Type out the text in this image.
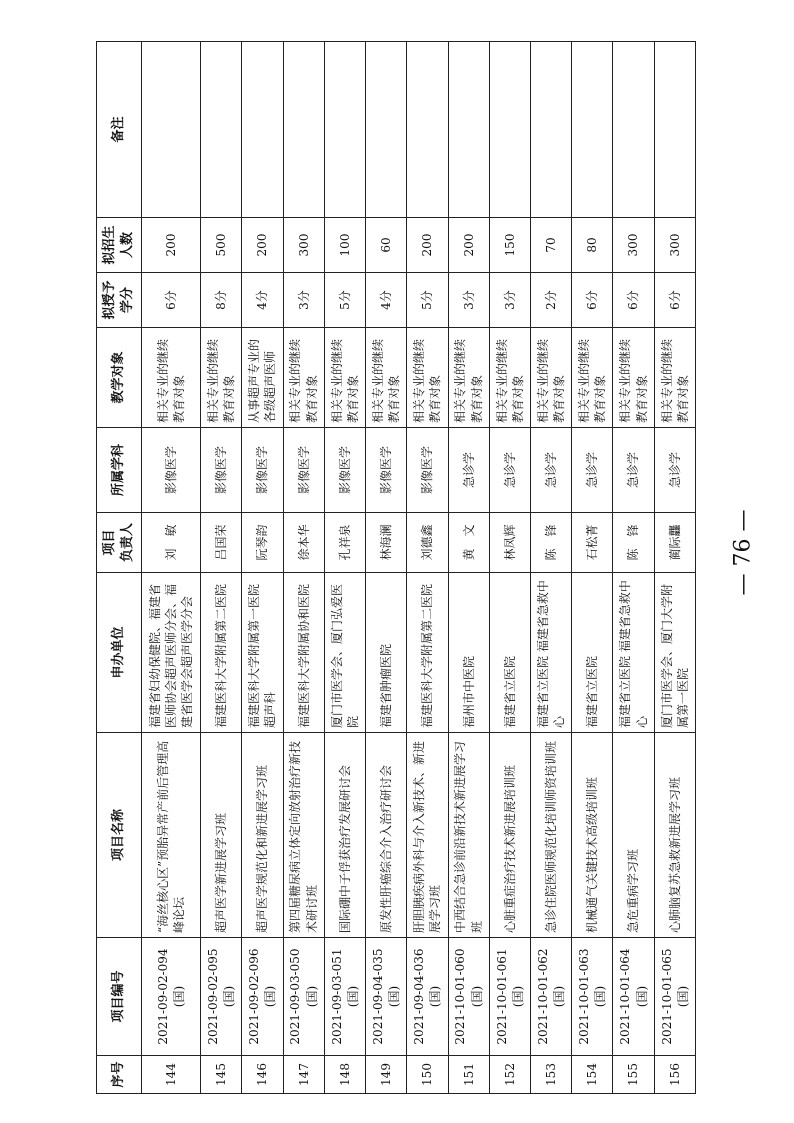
序号	项目编号	项目名称	申办单位	项目 负责人	所属学科	教学对象	拟授予 学分	拟招生 人数	备注
144	2021-09-02-094 (国)	“海丝核心区”预胎异常产前后管理高峰论坛	福建省妇幼保健院、福建省医师协会超声医师分会、福建省医学会超声医学分会	刘　敏	影像医学	相关专业的继续教育对象	6分	200	
145	2021-09-02-095 (国)	超声医学新进展学习班	福建医科大学附属第二医院	吕国荣	影像医学	相关专业的继续教育对象	8分	500	
146	2021-09-02-096 (国)	超声医学规范化和新进展学习班	福建医科大学附属第一医院超声科	阮琴韵	影像医学	从事超声专业的各级超声医师	4分	200	
147	2021-09-03-050 (国)	第四届糖尿病立体定向放射治疗新技术研讨班	福建医科大学附属协和医院	徐本华	影像医学	相关专业的继续教育对象	3分	300	
148	2021-09-03-051 (国)	国际硼中子俘获治疗发展研讨会	厦门市医学会、厦门弘爱医院	孔祥泉	影像医学	相关专业的继续教育对象	5分	100	
149	2021-09-04-035 (国)	原发性肝癌综合介入治疗研讨会	福建省肿瘤医院	林海澜	影像医学	相关专业的继续教育对象	4分	60	
150	2021-09-04-036 (国)	肝胆胰疾病外科与介入新技术、新进展学习班	福建医科大学附属第二医院	刘德鑫	影像医学	相关专业的继续教育对象	5分	200	
151	2021-10-01-060 (国)	中西结合急诊前沿新技术新进展学习班	福州市中医院	黄　文	急诊学	相关专业的继续教育对象	3分	200	
152	2021-10-01-061 (国)	心脏重症治疗技术新进展培训班	福建省立医院	林凤辉	急诊学	相关专业的继续教育对象	3分	150	
153	2021-10-01-062 (国)	急诊住院医师规范化培训师资培训班	福建省立医院 福建省急救中心	陈　锋	急诊学	相关专业的继续教育对象	2分	70	
154	2021-10-01-063 (国)	机械通气关键技术高级培训班	福建省立医院	石松菁	急诊学	相关专业的继续教育对象	6分	80	
155	2021-10-01-064 (国)	急危重病学习班	福建省立医院 福建省急救中心	陈　锋	急诊学	相关专业的继续教育对象	6分	300	
156	2021-10-01-065 (国)	心肺脑复苏急救新进展学习班	厦门市医学会、厦门大学附属第一医院	蔺际龘	急诊学	相关专业的继续教育对象	6分	300	
— 76 —
